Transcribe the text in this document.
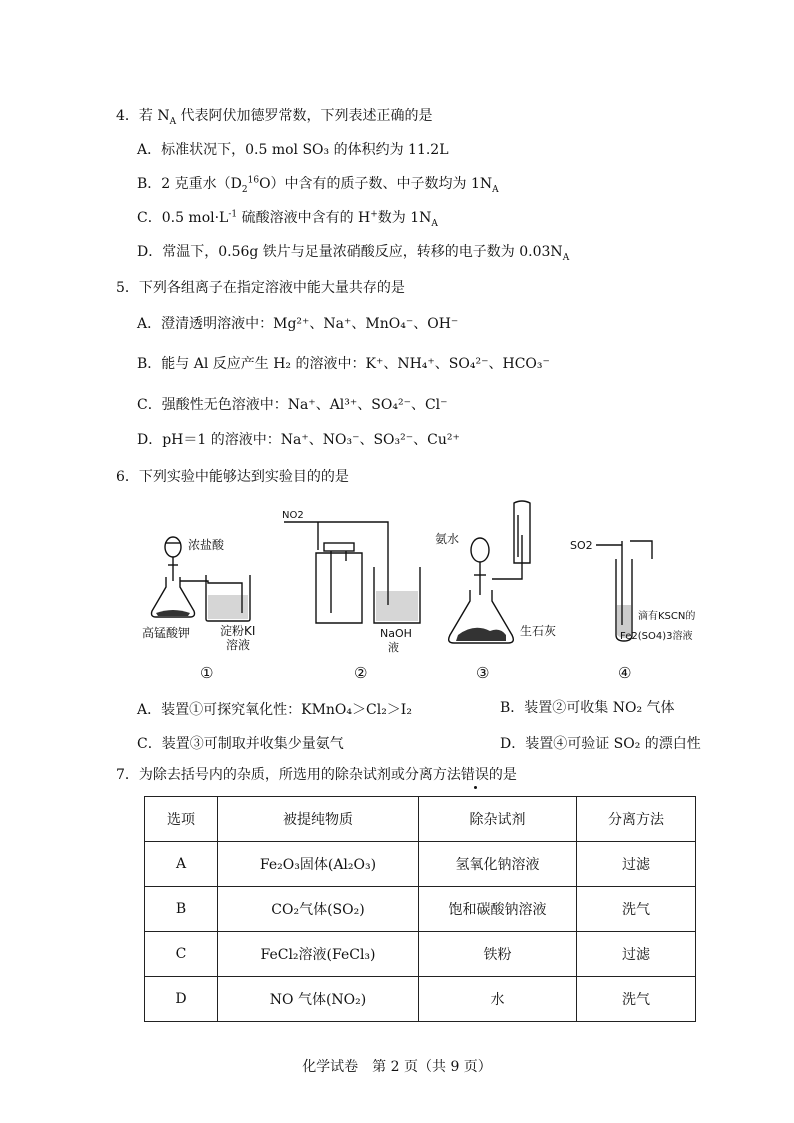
4．若 $N_A$ 代表阿伏加德罗常数，下列表述正确的是
A．标准状况下，0.5 mol SO₃ 的体积约为 11.2L
B．2 克重水$(D_2^{16}O)$中含有的质子数、中子数均为 $1N_A$
C．0.5 $mol\cdot L^{-1}$ 硫酸溶液中含有的 H+数为 $1N_A$
D．常温下，0.56g 铁片与足量浓硝酸反应，转移的电子数为 $0.03N_A$
5．下列各组离子在指定溶液中能大量共存的是
A．澄清透明溶液中：Mg²⁺、Na⁺、MnO₄⁻、OH⁻
B．能与 Al 反应产生 H₂ 的溶液中：K⁺、NH₄⁺、SO₄²⁻、HCO₃⁻
C．强酸性无色溶液中：Na⁺、Al³⁺、SO₄²⁻、Cl⁻
D．pH＝1 的溶液中：Na⁺、NO₃⁻、SO₃²⁻、Cu²⁺
6．下列实验中能够达到实验目的的是
浓盐酸
高锰酸钾 淀粉KI
溶液
NO2
NaOH
液
氨水
生石灰
SO2
滴有KSCN的
Fe2(SO4)3溶液
①	②	③	④
A．装置①可探究氧化性：KMnO₄＞Cl₂＞I₂	B．装置②可收集 NO₂ 气体
C．装置③可制取并收集少量氨气	D．装置④可验证 SO₂ 的漂白性
7．为除去括号内的杂质，所选用的除杂试剂或分离方法错误的是
选项	被提纯物质	除杂试剂	分离方法
A	Fe₂O₃固体(Al₂O₃)	氢氧化钠溶液	过滤
B	CO₂气体(SO₂)	饱和碳酸钠溶液	洗气
C	FeCl₂溶液(FeCl₃)	铁粉	过滤
D	NO 气体(NO₂)	水	洗气
化学试卷　第 2 页（共 9 页）
